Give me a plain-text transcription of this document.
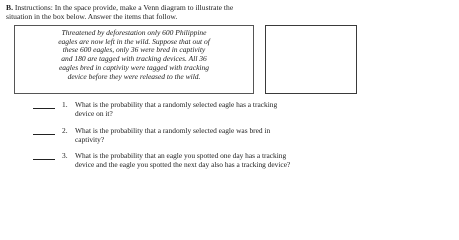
B. Instructions: In the space provide, make a Venn diagram to illustrate the
situation in the box below. Answer the items that follow.
Threatened by deforestation only 600 Philippine
eagles are now left in the wild. Suppose that out of
these 600 eagles, only 36 were bred in captivity
and 180 are tagged with tracking devices. All 36
eagles bred in captivity were tagged with tracking
device before they were released to the wild.
1. What is the probability that a randomly selected eagle has a tracking
device on it?
2. What is the probability that a randomly selected eagle was bred in
captivity?
3. What is the probability that an eagle you spotted one day has a tracking
device and the eagle you spotted the next day also has a tracking device?
